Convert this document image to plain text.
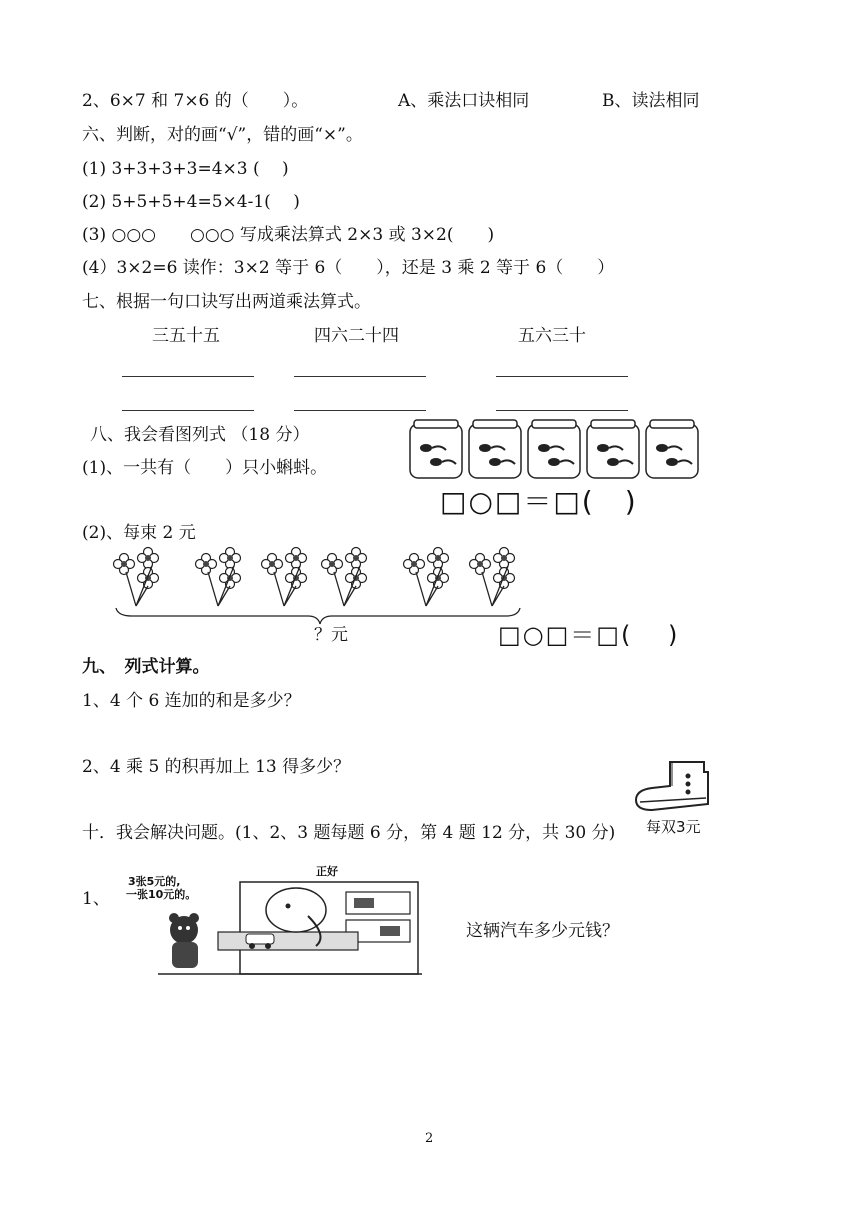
2、6×7 和 7×6 的（　　）。	A、乘法口诀相同	B、读法相同
六、判断，对的画“√”，错的画“×”。
(1) 3+3+3+3=4×3 (　 )
(2) 5+5+5+4=5×4-1(　 )
(3) ○○○　　○○○ 写成乘法算式 2×3 或 3×2(　　)
(4）3×2=6 读作：3×2 等于 6（　　），还是 3 乘 2 等于 6（　　）
七、根据一句口诀写出两道乘法算式。
三五十五	四六二十四	五六三十
八、我会看图列式 （18 分）
(1)、一共有（　　）只小蝌蚪。
□○□＝□(　)
(2)、每束 2 元
？元	□○□＝□(　 )
九、　列式计算。
1、4 个 6 连加的和是多少？
2、4 乘 5 的积再加上 13 得多少？
十．我会解决问题。(1、2、3 题每题 6 分，第 4 题 12 分，共 30 分) 每双3元
1、
3张5元的,
一张10元的。
正好
这辆汽车多少元钱？
2
